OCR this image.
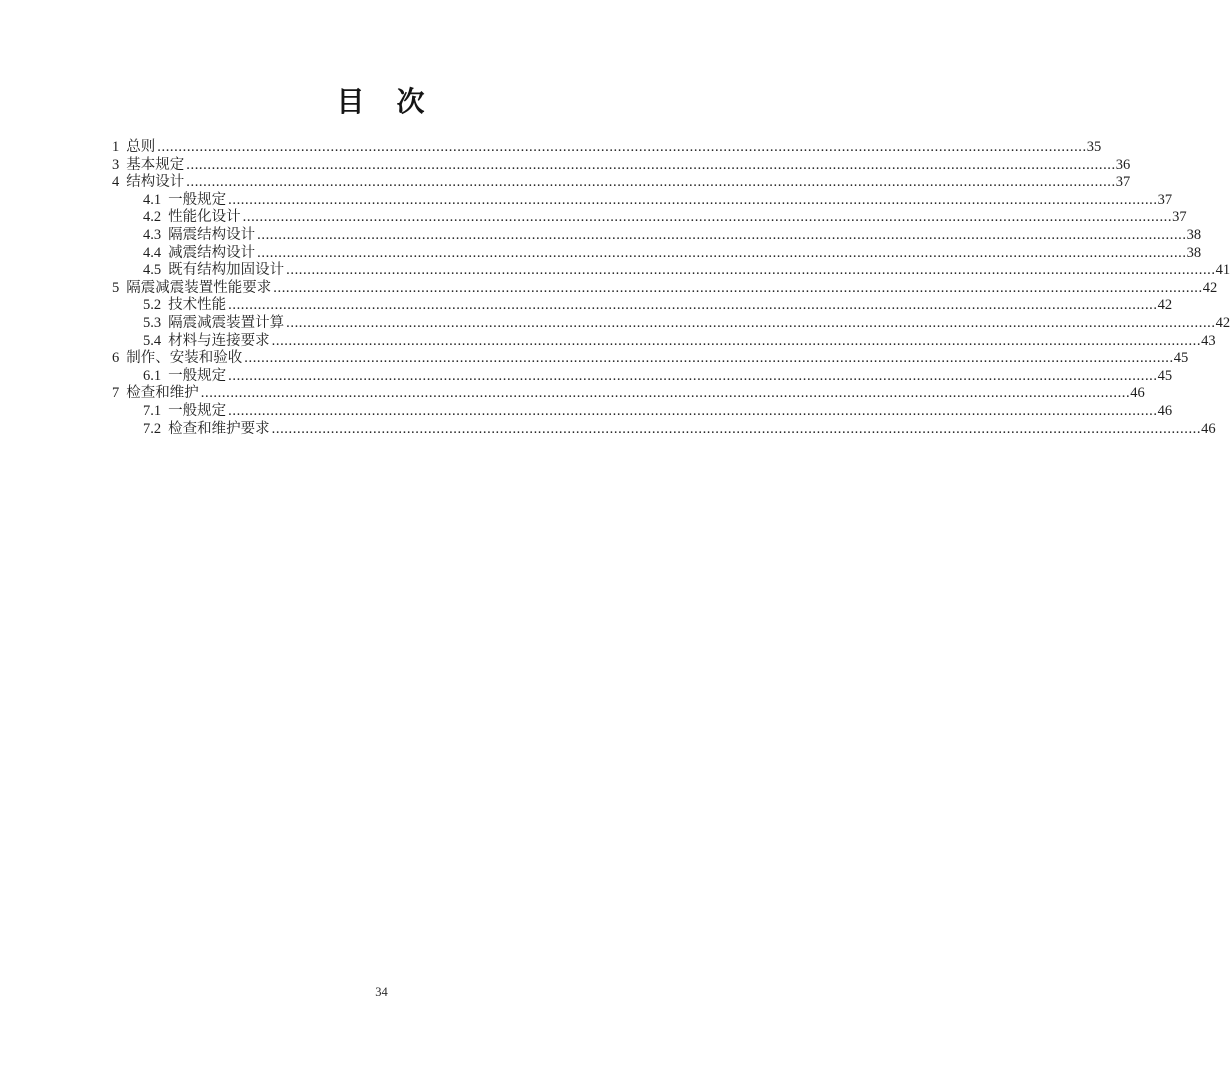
目　次
1 总则 ............................................................................................................................................................................................................................ 35
3 基本规定 ............................................................................................................................................................................................................................ 36
4 结构设计 ............................................................................................................................................................................................................................ 37
4.1 一般规定 ............................................................................................................................................................................................................................ 37
4.2 性能化设计 ............................................................................................................................................................................................................................ 37
4.3 隔震结构设计 ............................................................................................................................................................................................................................ 38
4.4 减震结构设计 ............................................................................................................................................................................................................................ 38
4.5 既有结构加固设计 ............................................................................................................................................................................................................................ 41
5 隔震减震装置性能要求 ............................................................................................................................................................................................................................ 42
5.2 技术性能 ............................................................................................................................................................................................................................ 42
5.3 隔震减震装置计算 ............................................................................................................................................................................................................................ 42
5.4 材料与连接要求 ............................................................................................................................................................................................................................ 43
6 制作、安装和验收 ............................................................................................................................................................................................................................ 45
6.1 一般规定 ............................................................................................................................................................................................................................ 45
7 检查和维护 ............................................................................................................................................................................................................................ 46
7.1 一般规定 ............................................................................................................................................................................................................................ 46
7.2 检查和维护要求 ............................................................................................................................................................................................................................ 46
34
